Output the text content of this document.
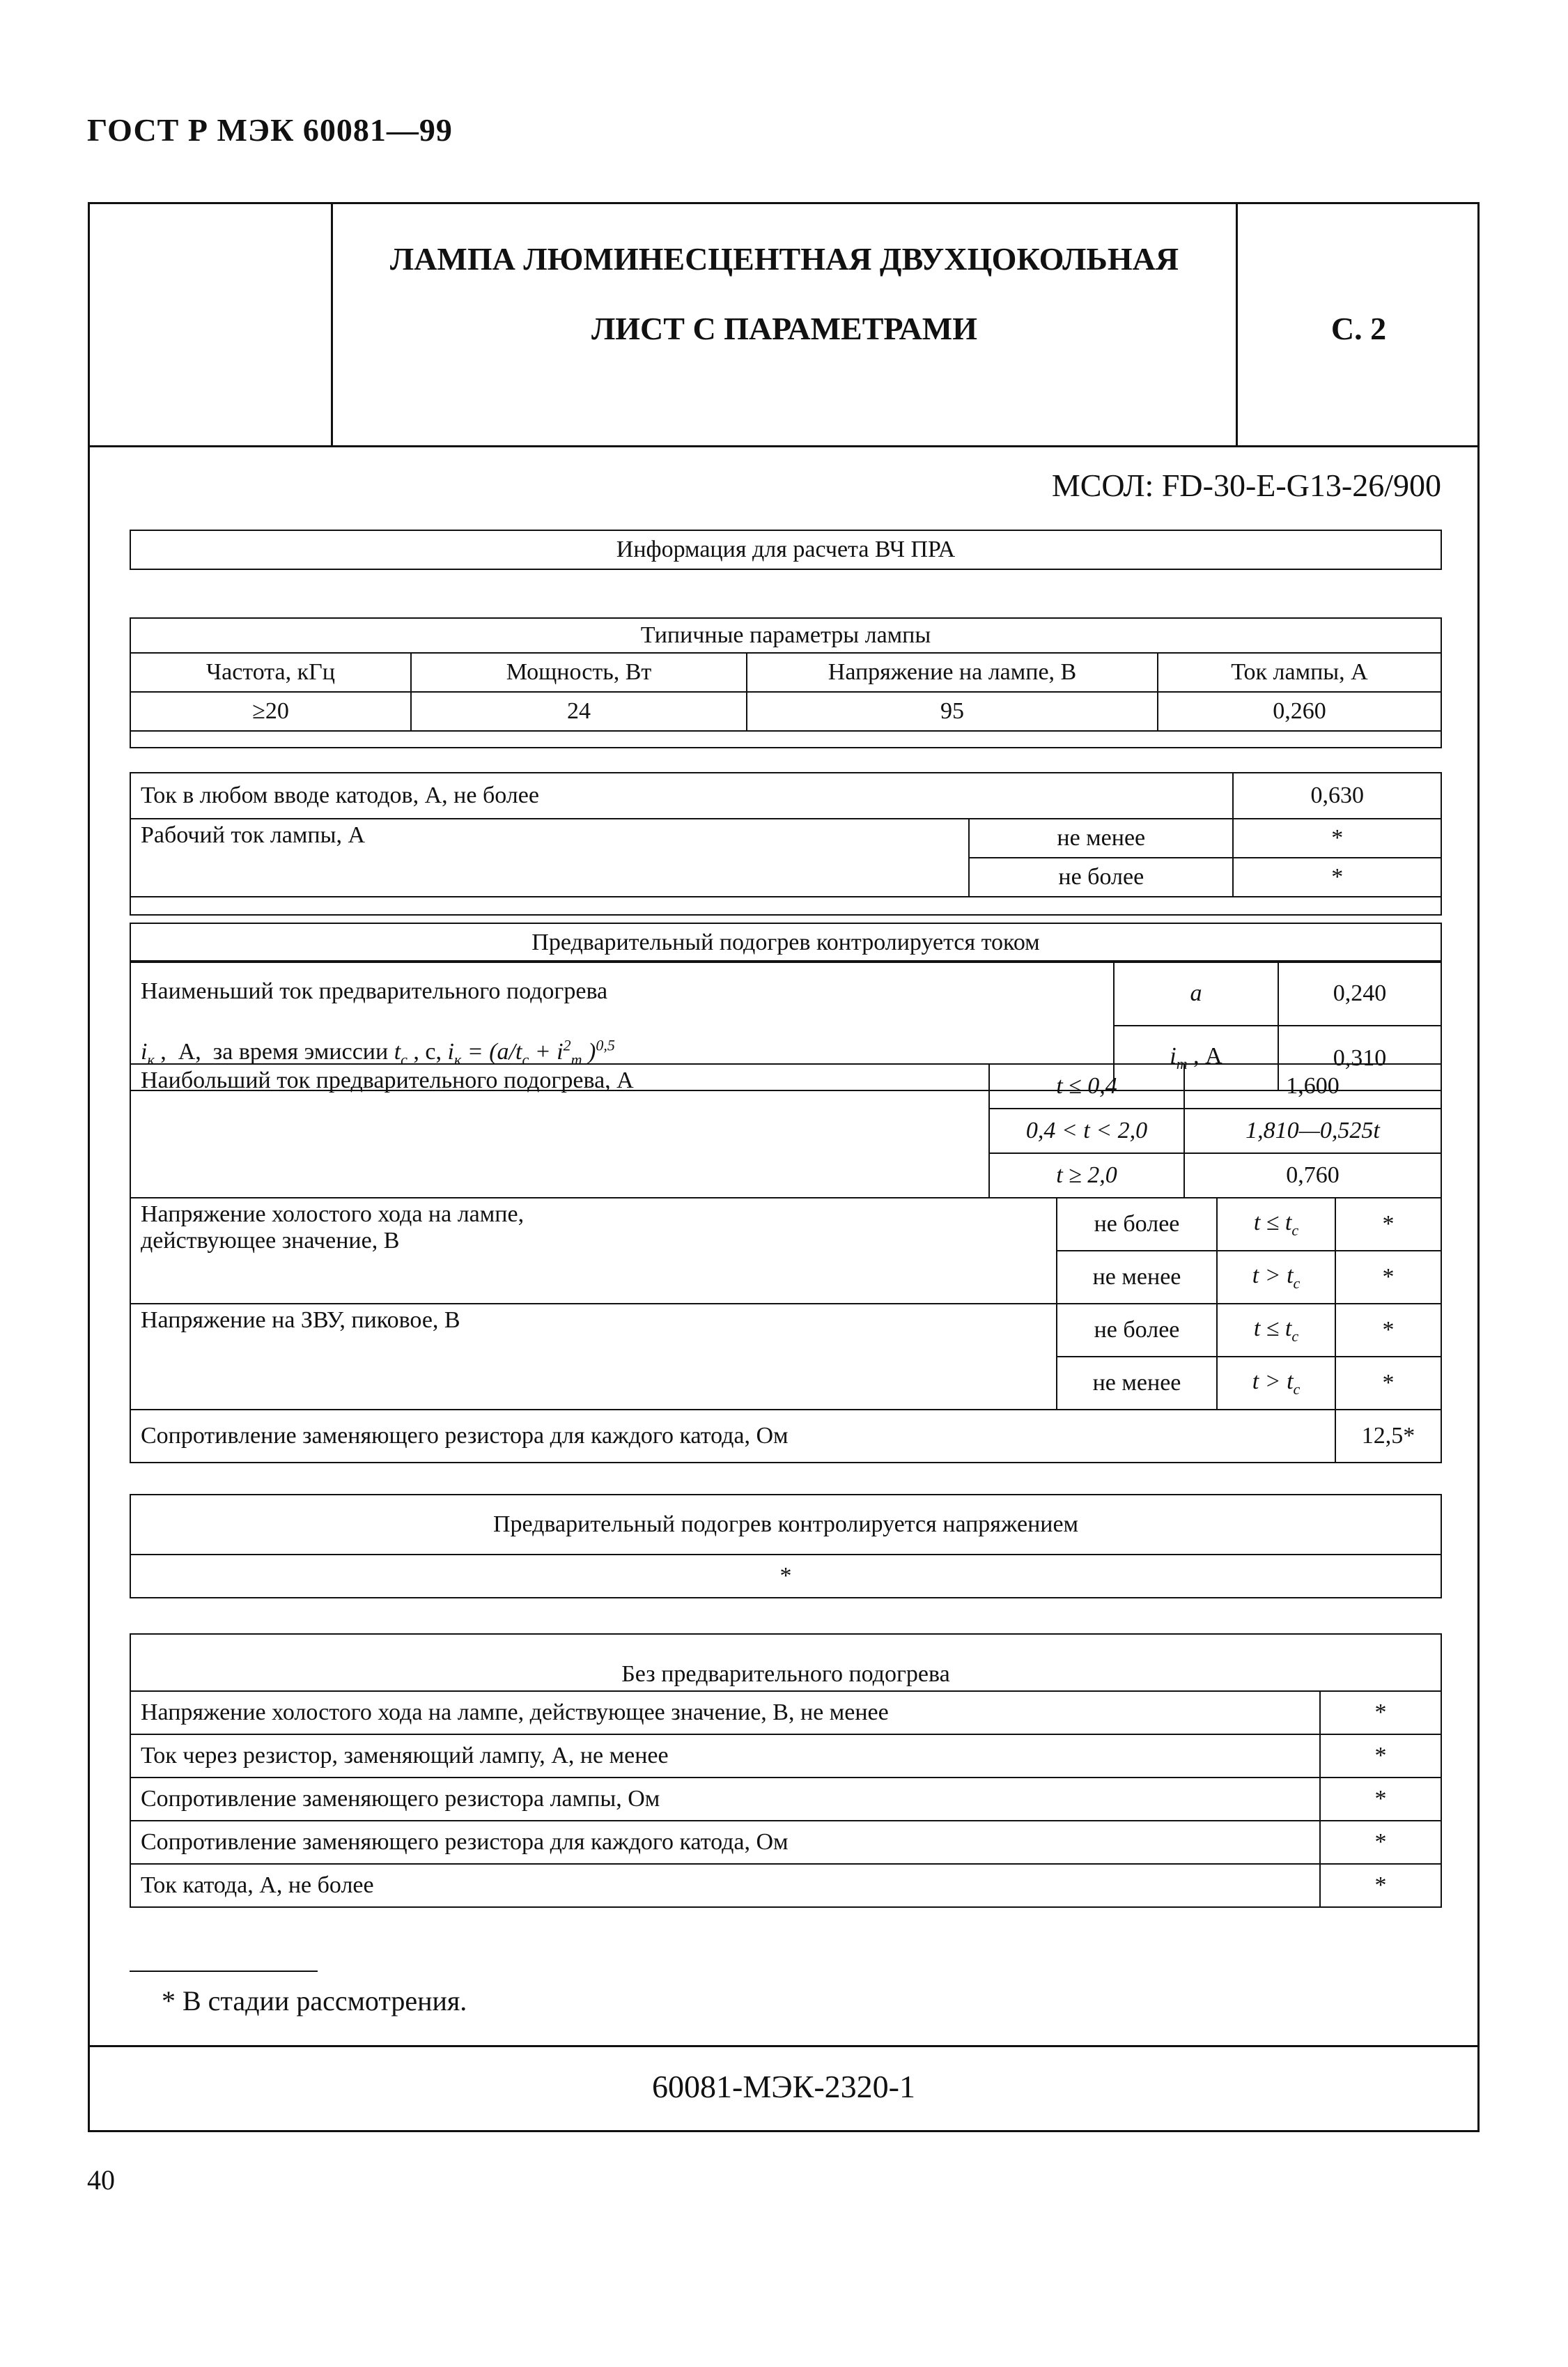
ГОСТ Р МЭК 60081—99
ЛАМПА ЛЮМИНЕСЦЕНТНАЯ ДВУХЦОКОЛЬНАЯ
ЛИСТ С ПАРАМЕТРАМИ	С. 2
МСОЛ: FD-30-E-G13-26/900
Информация для расчета ВЧ ПРА
Типичные параметры лампы			
Частота, кГц	Мощность, Вт	Напряжение на лампе, В	Ток лампы, А
≥20	24	95	0,260

Ток в любом вводе катодов, А, не более		0,630
Рабочий ток лампы, А	не менее	*
	не более	*

Предварительный подогрев контролируется током
Наименьший ток предварительного подогрева
$i_к$ ,  А,  за время эмиссии $t_с$ , с, $i_к = (a/t_с + i^2_m$ )$^{0,5}$	a	0,240
	$i_m$ , А	0,310
Наибольший ток предварительного подогрева, А	t ≤ 0,4	1,600
	0,4 < t < 2,0	1,810—0,525t
	t ≥ 2,0	0,760
Напряжение холостого хода на лампе,
действующее значение, В	не более	$t \le t_с$	*
	не менее	$t > t_с$	*
Напряжение на ЗВУ, пиковое, В	не более	$t \le t_с$	*
	не менее	$t > t_с$	*
Сопротивление заменяющего резистора для каждого катода, Ом			12,5*
Предварительный подогрев контролируется напряжением
*
Без предварительного подогрева	
Напряжение холостого хода на лампе, действующее значение, В, не менее	*
Ток через резистор, заменяющий лампу, А, не менее	*
Сопротивление заменяющего резистора лампы, Ом	*
Сопротивление заменяющего резистора для каждого катода, Ом	*
Ток катода, А, не более	*
* В стадии рассмотрения.
60081-МЭК-2320-1
40
